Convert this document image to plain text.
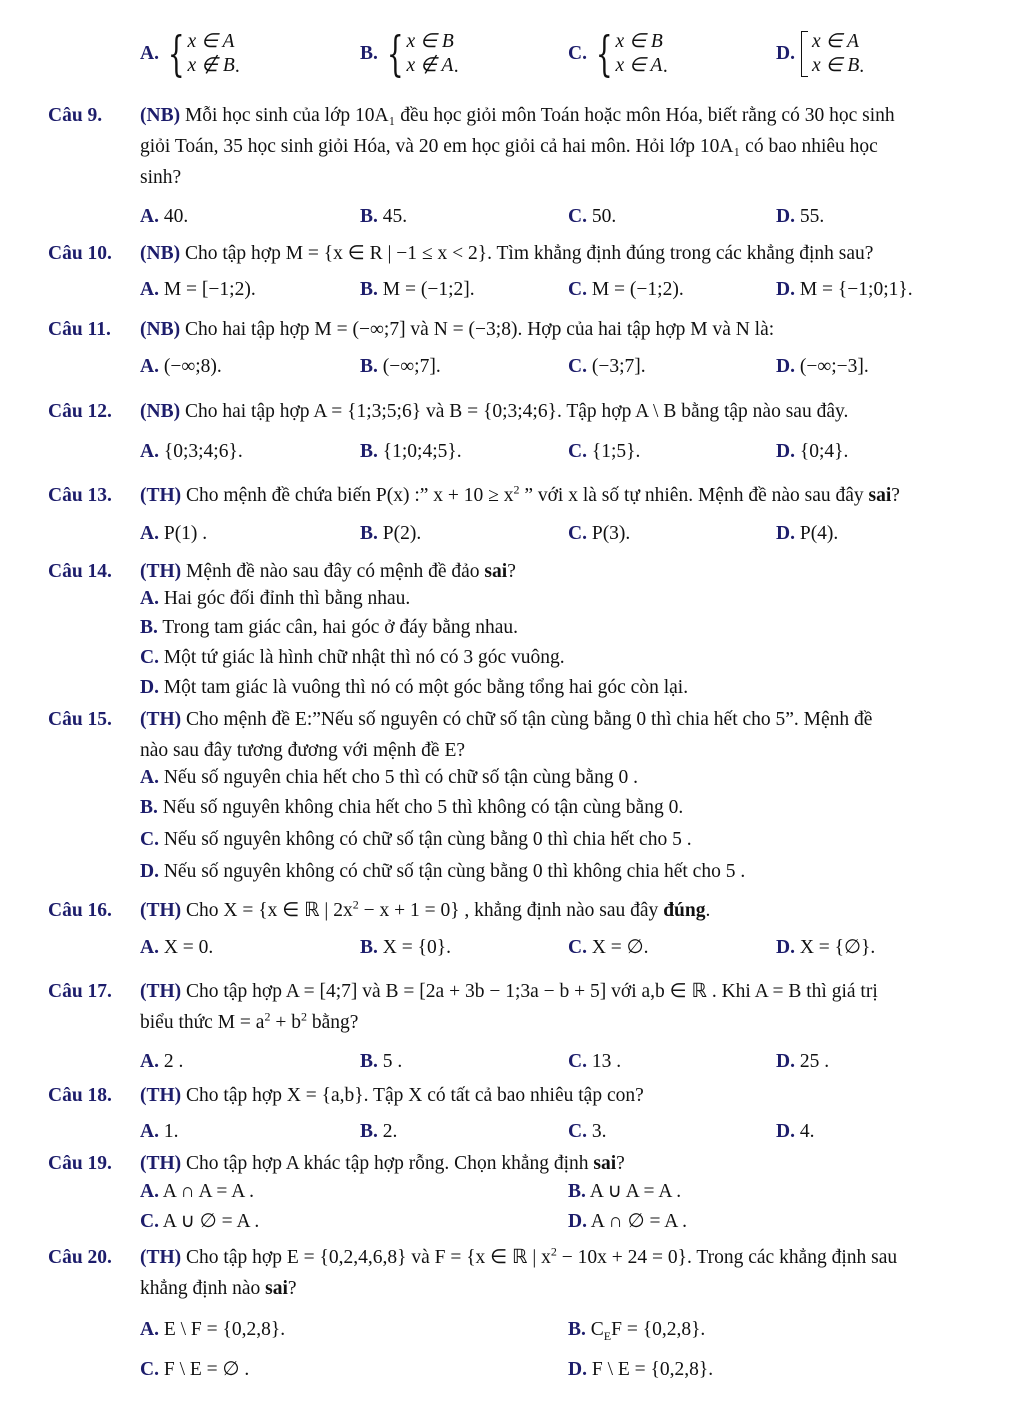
A. { x ∈ A
x ∉ B .
B. { x ∈ B
x ∉ A .
C. { x ∈ B
x ∈ A .
D.
x ∈ A
x ∈ B .
Câu 9. (NB) Mỗi học sinh của lớp 10A₁ đều học giỏi môn Toán hoặc môn Hóa, biết rằng có 30 học sinh
giỏi Toán, 35 học sinh giỏi Hóa, và 20 em học giỏi cả hai môn. Hỏi lớp 10A₁ có bao nhiêu học
sinh?
A. 40.	B. 45.	C. 50.	D. 55.
Câu 10. (NB) Cho tập hợp M = {x ∈ R | −1 ≤ x < 2}. Tìm khẳng định đúng trong các khẳng định sau?
A. M = [−1;2).	B. M = (−1;2].	C. M = (−1;2).	D. M = {−1;0;1}.
Câu 11. (NB) Cho hai tập hợp M = (−∞;7] và N = (−3;8). Hợp của hai tập hợp M và N là:
A. (−∞;8).	B. (−∞;7].	C. (−3;7].	D. (−∞;−3].
Câu 12. (NB) Cho hai tập hợp A = {1;3;5;6} và B = {0;3;4;6}. Tập hợp A \ B bằng tập nào sau đây.
A. {0;3;4;6}.	B. {1;0;4;5}.	C. {1;5}.	D. {0;4}.
Câu 13. (TH) Cho mệnh đề chứa biến P(x) :” $x + 10 \ge x^2$ ” với x là số tự nhiên. Mệnh đề nào sau đây sai?
A. P(1) .	B. P(2).	C. P(3).	D. P(4).
Câu 14. (TH) Mệnh đề nào sau đây có mệnh đề đảo sai?
A. Hai góc đối đỉnh thì bằng nhau.
B. Trong tam giác cân, hai góc ở đáy bằng nhau.
C. Một tứ giác là hình chữ nhật thì nó có 3 góc vuông.
D. Một tam giác là vuông thì nó có một góc bằng tổng hai góc còn lại.
Câu 15. (TH) Cho mệnh đề E:”Nếu số nguyên có chữ số tận cùng bằng 0 thì chia hết cho 5”. Mệnh đề
nào sau đây tương đương với mệnh đề E?
A. Nếu số nguyên chia hết cho 5 thì có chữ số tận cùng bằng 0 .
B. Nếu số nguyên không chia hết cho 5 thì không có tận cùng bằng 0.
C. Nếu số nguyên không có chữ số tận cùng bằng 0 thì chia hết cho 5 .
D. Nếu số nguyên không có chữ số tận cùng bằng 0 thì không chia hết cho 5 .
Câu 16. (TH) Cho X = {x ∈ ℝ | $2x^2 - x + 1 = 0$} , khẳng định nào sau đây đúng.
A. X = 0.	B. X = {0}.	C. X = ∅.	D. X = {∅}.
Câu 17. (TH) Cho tập hợp A = [4;7] và B = [2a + 3b − 1;3a − b + 5] với a,b ∈ ℝ . Khi A = B thì giá trị
biểu thức $M = a^2 + b^2$ bằng?
A. 2 .	B. 5 .	C. 13 .	D. 25 .
Câu 18. (TH) Cho tập hợp X = {a,b}. Tập X có tất cả bao nhiêu tập con?
A. 1.	B. 2.	C. 3.	D. 4.
Câu 19. (TH) Cho tập hợp A khác tập hợp rỗng. Chọn khẳng định sai?
A. A ∩ A = A .	B. A ∪ A = A .
C. A ∪ ∅ = A .	D. A ∩ ∅ = A .
Câu 20. (TH) Cho tập hợp E = {0,2,4,6,8} và F = {x ∈ ℝ | $x^2 - 10x + 24 = 0$}. Trong các khẳng định sau
khẳng định nào sai?
A. E \ F = {0,2,8}.	B. $C_EF = \{0,2,8\}$.
C. F \ E = ∅ .	D. F \ E = {0,2,8}.
